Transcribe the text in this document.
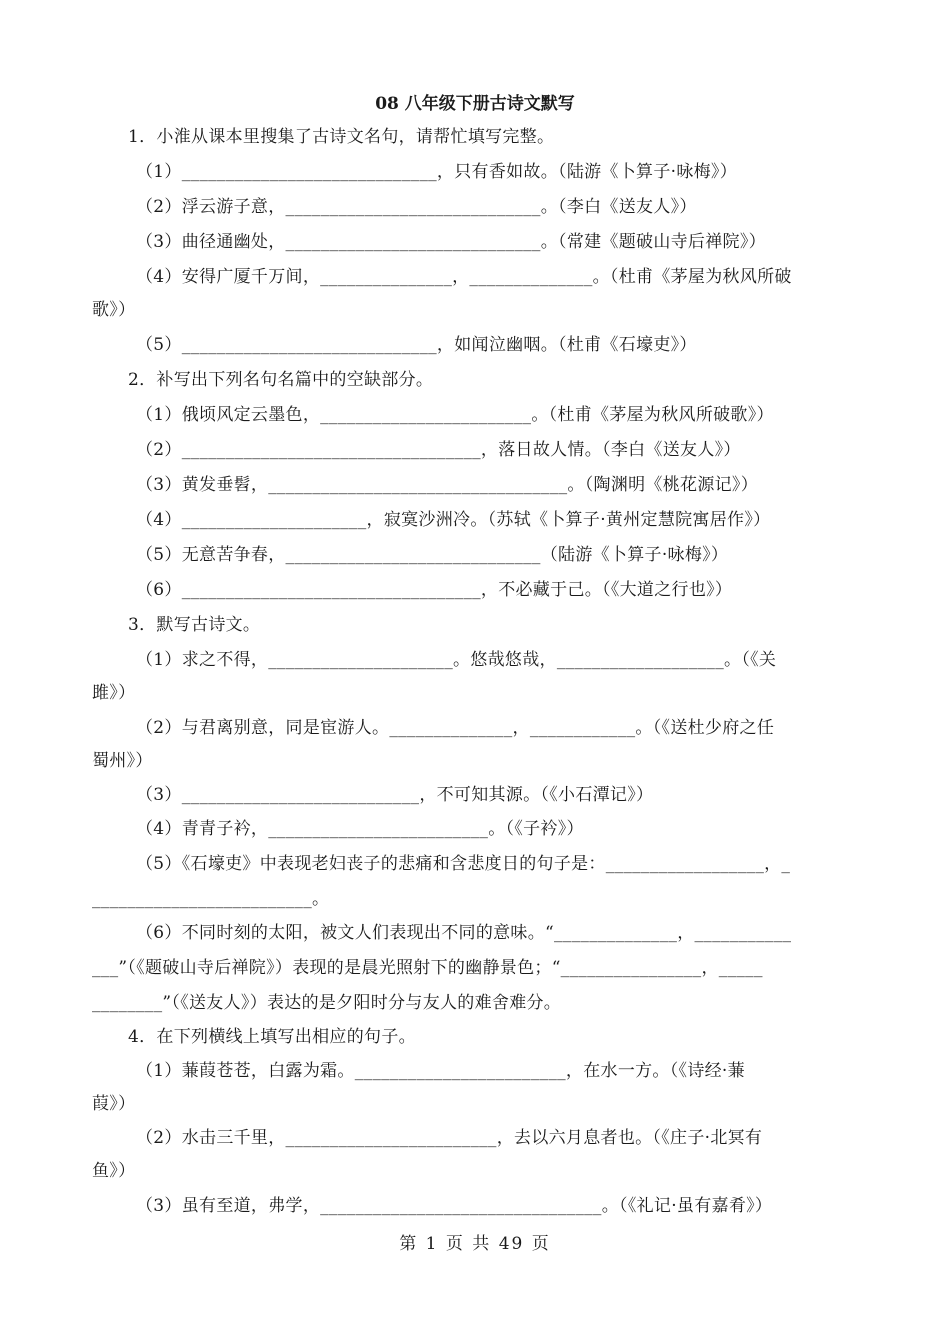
08 八年级下册古诗文默写
1．小淮从课本里搜集了古诗文名句，请帮忙填写完整。
（1）_____________________________，只有香如故。（陆游《卜算子·咏梅》）
（2）浮云游子意，_____________________________。（李白《送友人》）
（3）曲径通幽处，_____________________________。（常建《题破山寺后禅院》）
（4）安得广厦千万间，_______________，______________。（杜甫《茅屋为秋风所破
歌》）
（5）_____________________________，如闻泣幽咽。（杜甫《石壕吏》）
2．补写出下列名句名篇中的空缺部分。
（1）俄顷风定云墨色，________________________。（杜甫《茅屋为秋风所破歌》）
（2）__________________________________，落日故人情。（李白《送友人》）
（3）黄发垂髫，__________________________________。（陶渊明《桃花源记》）
（4）_____________________，寂寞沙洲冷。（苏轼《卜算子·黄州定慧院寓居作》）
（5）无意苦争春，_____________________________（陆游《卜算子·咏梅》）
（6）__________________________________，不必藏于己。（《大道之行也》）
3．默写古诗文。
（1）求之不得，_____________________。悠哉悠哉，___________________。（《关
雎》）
（2）与君离别意，同是宦游人。______________，____________。（《送杜少府之任
蜀州》）
（3）___________________________，不可知其源。（《小石潭记》）
（4）青青子衿，_________________________。（《子衿》）
（5）《石壕吏》中表现老妇丧子的悲痛和含悲度日的句子是：__________________，_
_________________________。
（6）不同时刻的太阳，被文人们表现出不同的意味。“______________，___________
___”（《题破山寺后禅院》）表现的是晨光照射下的幽静景色；“________________，_____
________”（《送友人》）表达的是夕阳时分与友人的难舍难分。
4．在下列横线上填写出相应的句子。
（1）蒹葭苍苍，白露为霜。________________________，在水一方。（《诗经·蒹
葭》）
（2）水击三千里，________________________，去以六月息者也。（《庄子·北冥有
鱼》）
（3）虽有至道，弗学，________________________________。（《礼记·虽有嘉肴》）
第 1 页 共 49 页
